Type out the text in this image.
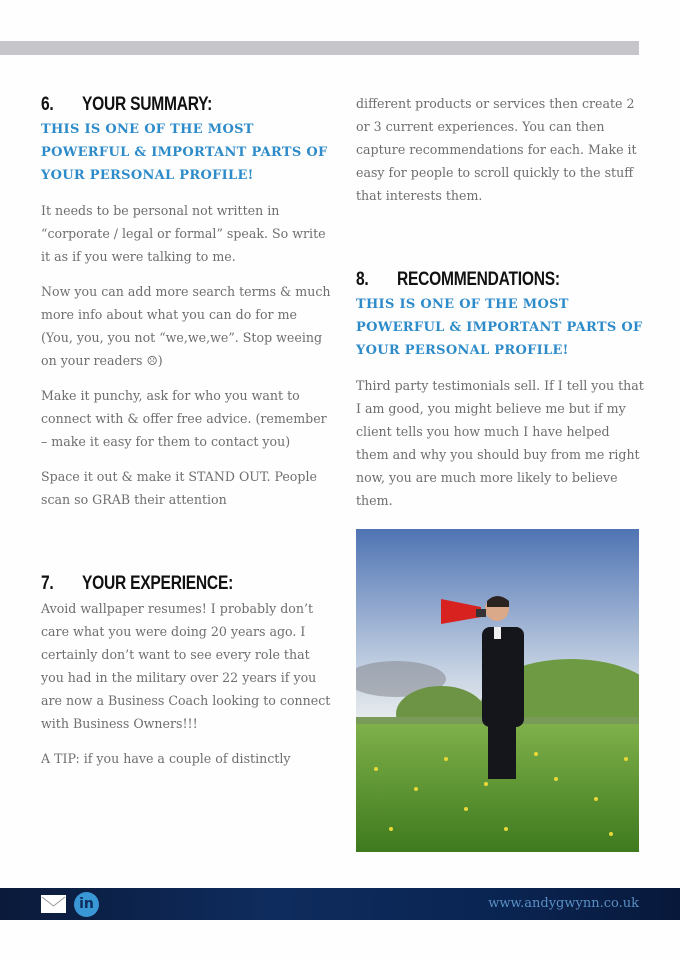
6. YOUR SUMMARY:

THIS IS ONE OF THE MOST POWERFUL & IMPORTANT PARTS OF YOUR PERSONAL PROFILE!

It needs to be personal not written in “corporate / legal or formal” speak. So write it as if you were talking to me.

Now you can add more search terms & much more info about what you can do for me (You, you, you not “we,we,we”. Stop weeing on your readers ☹)

Make it punchy, ask for who you want to connect with & offer free advice. (remember – make it easy for them to contact you)

Space it out & make it STAND OUT. People scan so GRAB their attention

7. YOUR EXPERIENCE:

Avoid wallpaper resumes! I probably don’t care what you were doing 20 years ago. I certainly don’t want to see every role that you had in the military over 22 years if you are now a Business Coach looking to connect with Business Owners!!!

A TIP: if you have a couple of distinctly

different products or services then create 2 or 3 current experiences. You can then capture recommendations for each. Make it easy for people to scroll quickly to the stuff that interests them.

8. RECOMMENDATIONS:

THIS IS ONE OF THE MOST POWERFUL & IMPORTANT PARTS OF YOUR PERSONAL PROFILE!

Third party testimonials sell. If I tell you that I am good, you might believe me but if my client tells you how much I have helped them and why you should buy from me right now, you are much more likely to believe them.

in	www.andygwynn.co.uk
